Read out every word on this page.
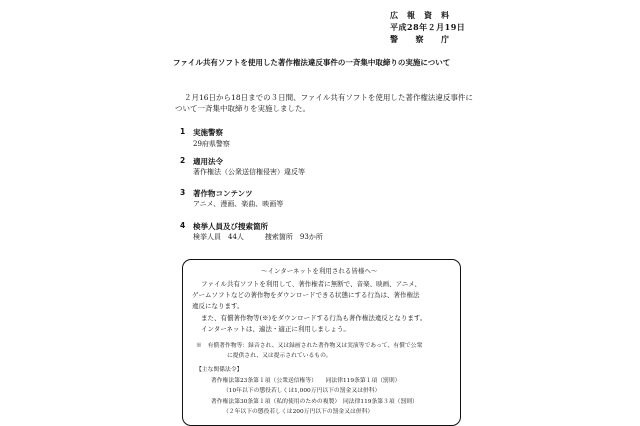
広　報　資　料
平成28年２月19日
警　　察　　庁
ファイル共有ソフトを使用した著作権法違反事件の一斉集中取締りの実施について
２月16日から18日までの３日間、ファイル共有ソフトを使用した著作権法違反事件に
ついて一斉集中取締りを実施しました。
1 実施警察
29府県警察
2 適用法令
著作権法（公衆送信権侵害）違反等
3 著作物コンテンツ
アニメ、漫画、楽曲、映画等
4 検挙人員及び捜索箇所
検挙人員　44人　　　捜索箇所　93か所
～インターネットを利用される皆様へ～
ファイル共有ソフトを利用して、著作権者に無断で、音楽、映画、アニメ、
ゲームソフトなどの著作物をダウンロードできる状態にする行為は、著作権法
違反になります。
また、有償著作物等(※)をダウンロードする行為も著作権法違反となります。
インターネットは、適法・適正に利用しましょう。
※　有償著作物等：録音され、又は録画された著作物又は実演等であって、有償で公衆
に提供され、又は提示されているもの。
【主な関係法令】
著作権法第23条第１項（公衆送信権等）　　同法律119条第１項（罰則）
（10年以下の懲役若しくは1,000万円以下の罰金又は併科）
著作権法第30条第１項（私的使用のための複製）　同法律119条第３項（罰則）
（２年以下の懲役若しくは200万円以下の罰金又は併科）
